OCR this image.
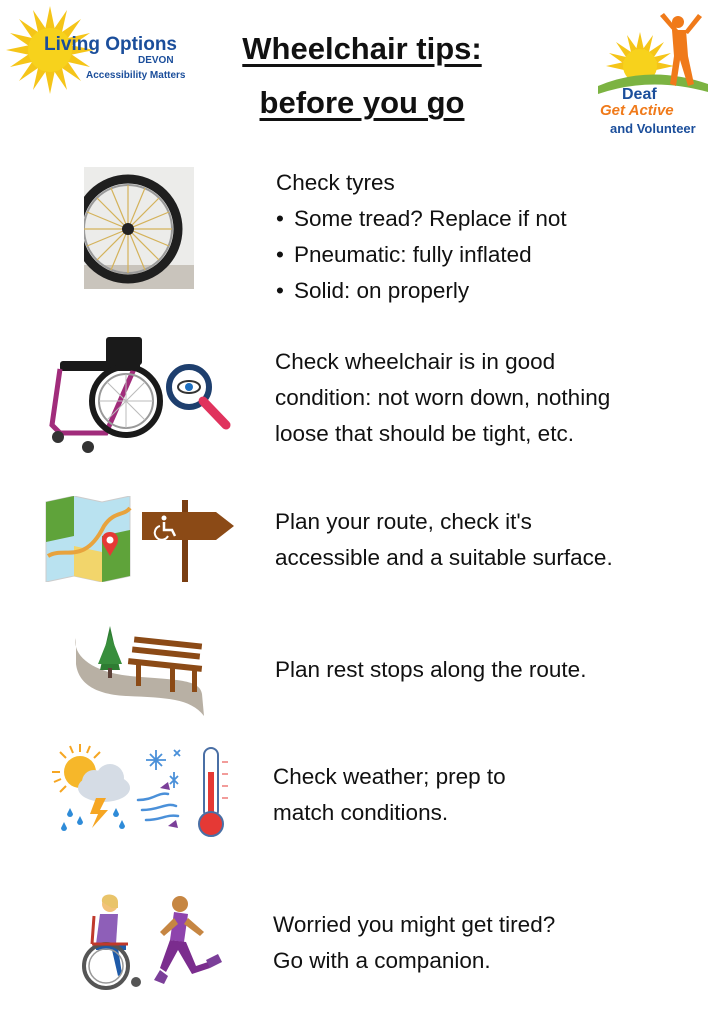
Living Options
DEVON
Accessibility Matters
Wheelchair tips:
before you go	Deaf
Get Active
and Volunteer
Check tyres
• Some tread? Replace if not
• Pneumatic: fully inflated
• Solid: on properly
Check wheelchair is in good
condition: not worn down, nothing
loose that should be tight, etc.
Plan your route, check it's
accessible and a suitable surface.
Plan rest stops along the route.
Check weather; prep to
match conditions.
Worried you might get tired?
Go with a companion.
